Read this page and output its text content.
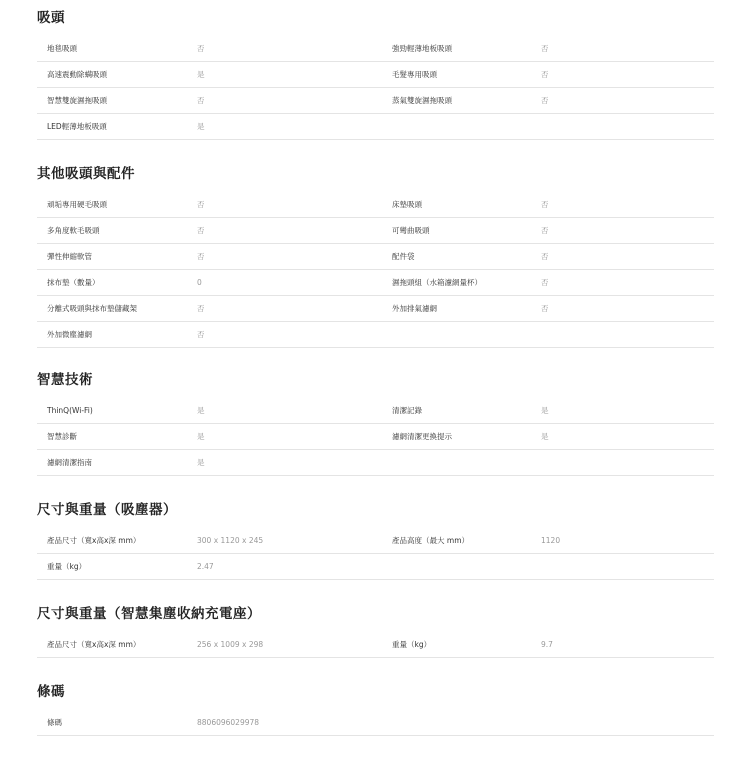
吸頭
地毯吸頭	否	強勁輕薄地板吸頭	否
高速震動除螨吸頭	是	毛髮專用吸頭	否
智慧雙旋濕拖吸頭	否	蒸氣雙旋濕拖吸頭	否
LED輕薄地板吸頭	是
其他吸頭與配件
頑垢專用硬毛吸頭	否	床墊吸頭	否
多角度軟毛吸頭	否	可彎曲吸頭	否
彈性伸縮軟管	否	配件袋	否
抹布墊（數量）	0	濕拖頭組（水箱濾網量杯）	否
分離式吸頭與抹布墊儲藏架	否	外加排氣濾網	否
外加微塵濾網	否
智慧技術
ThinQ(Wi-Fi)	是	清潔記錄	是
智慧診斷	是	濾網清潔更換提示	是
濾網清潔指南	是
尺寸與重量（吸塵器）
產品尺寸（寬x高x深 mm）	300 x 1120 x 245	產品高度（最大 mm）	1120
重量（kg）	2.47
尺寸與重量（智慧集塵收納充電座）
產品尺寸（寬x高x深 mm）	256 x 1009 x 298	重量（kg）	9.7
條碼
條碼	8806096029978
